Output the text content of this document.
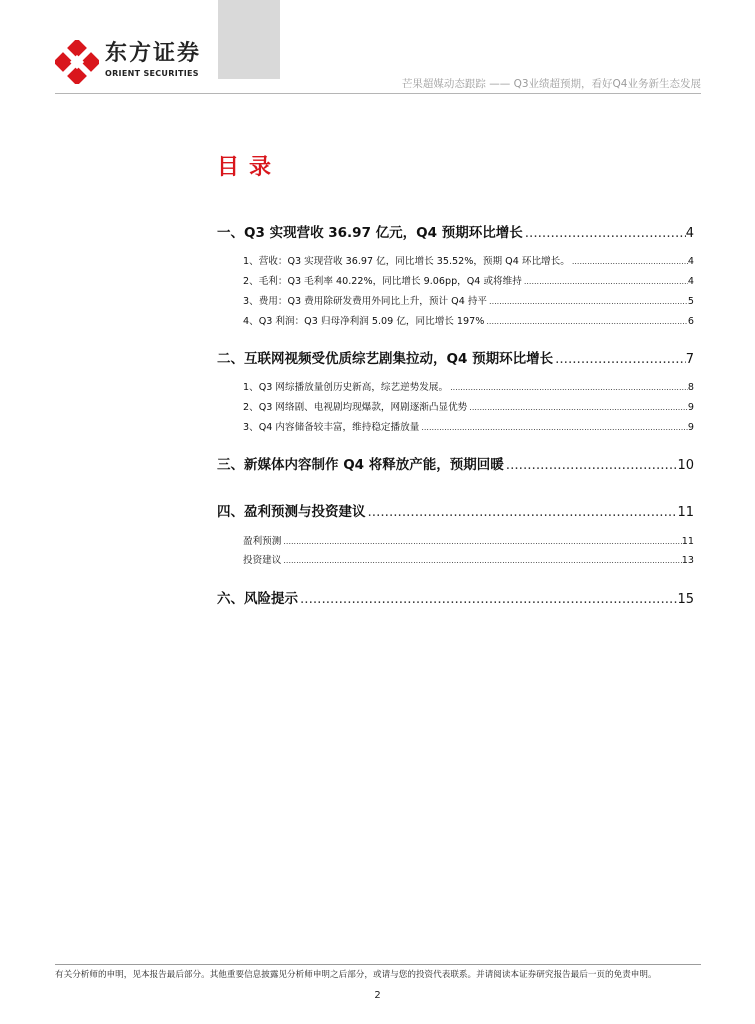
东方证券
ORIENT SECURITIES
芒果超媒动态跟踪 —— Q3业绩超预期，看好Q4业务新生态发展
目录
一、Q3 实现营收 36.97 亿元，Q4 预期环比增长 .....	4
1、营收：Q3 实现营收 36.97 亿，同比增长 35.52%，预期 Q4 环比增长。 .....	4
2、毛利：Q3 毛利率 40.22%，同比增长 9.06pp，Q4 或将维持 .....	4
3、费用：Q3 费用除研发费用外同比上升，预计 Q4 持平 .....	5
4、Q3 利润：Q3 归母净利润 5.09 亿，同比增长 197% .....	6
二、互联网视频受优质综艺剧集拉动，Q4 预期环比增长 .....	7
1、Q3 网综播放量创历史新高，综艺逆势发展。 .....	8
2、Q3 网络剧、电视剧均现爆款，网剧逐渐凸显优势 .....	9
3、Q4 内容储备较丰富，维持稳定播放量 .....	9
三、新媒体内容制作 Q4 将释放产能，预期回暖 .....	10
四、盈利预测与投资建议 .....	11
盈利预测 .....	11
投资建议 .....	13
六、风险提示 .....	15
有关分析师的申明，见本报告最后部分。其他重要信息披露见分析师申明之后部分，或请与您的投资代表联系。并请阅读本证券研究报告最后一页的免责申明。
2
